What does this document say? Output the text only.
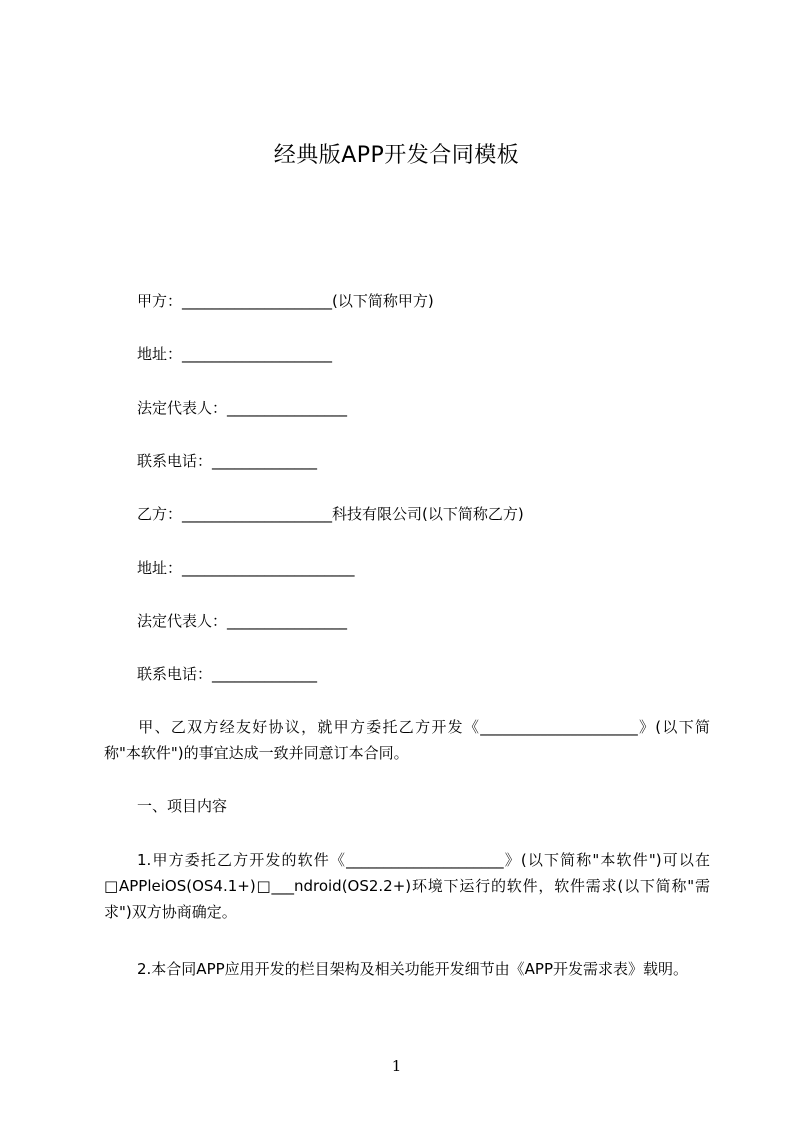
经典版APP开发合同模板
甲方：____________________(以下简称甲方)
地址：____________________
法定代表人：________________
联系电话：______________
乙方：____________________科技有限公司(以下简称乙方)
地址：_______________________
法定代表人：________________
联系电话：______________
甲、乙双方经友好协议，就甲方委托乙方开发《_____________________》(以下简称"本软件")的事宜达成一致并同意订本合同。
一、项目内容
1.甲方委托乙方开发的软件《_____________________》(以下简称"本软件")可以在□APPleiOS(OS4.1+)□___ndroid(OS2.2+)环境下运行的软件，软件需求(以下简称"需求")双方协商确定。
2.本合同APP应用开发的栏目架构及相关功能开发细节由《APP开发需求表》载明。
1
